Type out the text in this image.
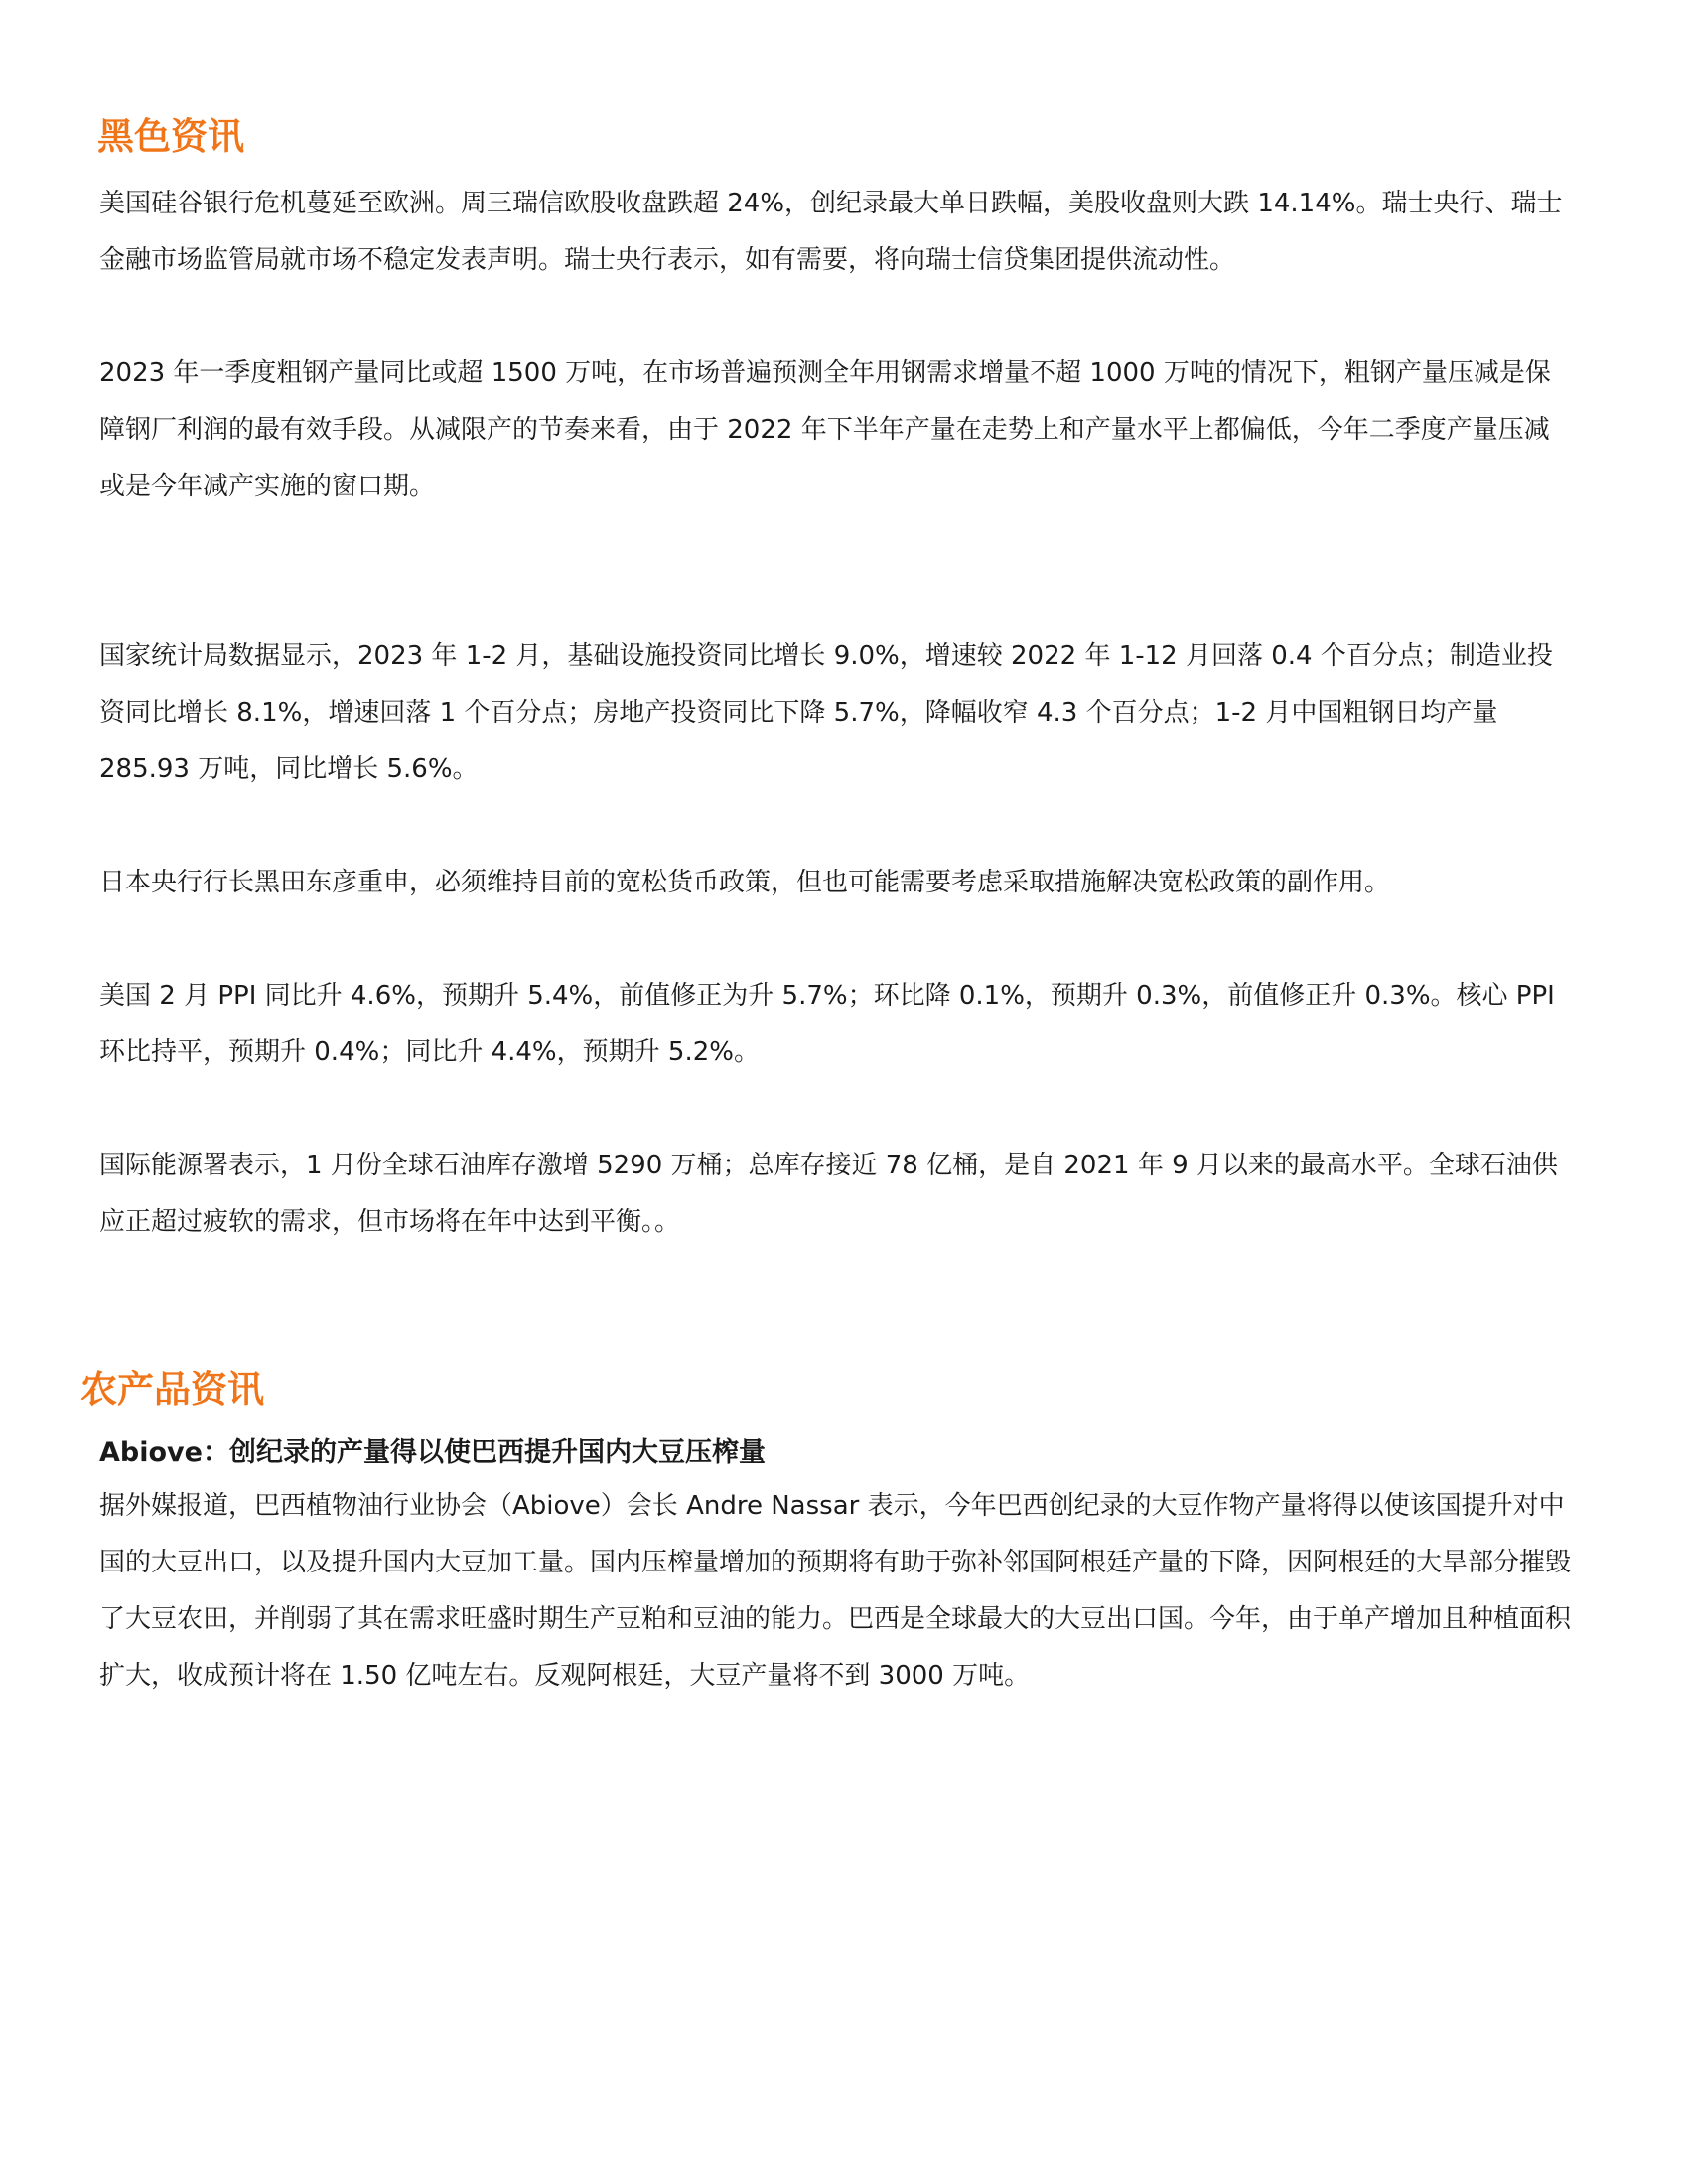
黑色资讯

美国硅谷银行危机蔓延至欧洲。周三瑞信欧股收盘跌超 24%，创纪录最大单日跌幅，美股收盘则大跌 14.14%。瑞士央行、瑞士金融市场监管局就市场不稳定发表声明。瑞士央行表示，如有需要，将向瑞士信贷集团提供流动性。

2023 年一季度粗钢产量同比或超 1500 万吨，在市场普遍预测全年用钢需求增量不超 1000 万吨的情况下，粗钢产量压减是保障钢厂利润的最有效手段。从减限产的节奏来看，由于 2022 年下半年产量在走势上和产量水平上都偏低，今年二季度产量压减或是今年减产实施的窗口期。

国家统计局数据显示，2023 年 1-2 月，基础设施投资同比增长 9.0%，增速较 2022 年 1-12 月回落 0.4 个百分点；制造业投资同比增长 8.1%，增速回落 1 个百分点；房地产投资同比下降 5.7%，降幅收窄 4.3 个百分点；1-2 月中国粗钢日均产量 285.93 万吨，同比增长 5.6%。

日本央行行长黑田东彦重申，必须维持目前的宽松货币政策，但也可能需要考虑采取措施解决宽松政策的副作用。

美国 2 月 PPI 同比升 4.6%，预期升 5.4%，前值修正为升 5.7%；环比降 0.1%，预期升 0.3%，前值修正升 0.3%。核心 PPI 环比持平，预期升 0.4%；同比升 4.4%，预期升 5.2%。

国际能源署表示，1 月份全球石油库存激增 5290 万桶；总库存接近 78 亿桶，是自 2021 年 9 月以来的最高水平。全球石油供应正超过疲软的需求，但市场将在年中达到平衡。。

农产品资讯
Abiove：创纪录的产量得以使巴西提升国内大豆压榨量

据外媒报道，巴西植物油行业协会（Abiove）会长 Andre Nassar 表示，今年巴西创纪录的大豆作物产量将得以使该国提升对中国的大豆出口，以及提升国内大豆加工量。国内压榨量增加的预期将有助于弥补邻国阿根廷产量的下降，因阿根廷的大旱部分摧毁了大豆农田，并削弱了其在需求旺盛时期生产豆粕和豆油的能力。巴西是全球最大的大豆出口国。今年，由于单产增加且种植面积扩大，收成预计将在 1.50 亿吨左右。反观阿根廷，大豆产量将不到 3000 万吨。
